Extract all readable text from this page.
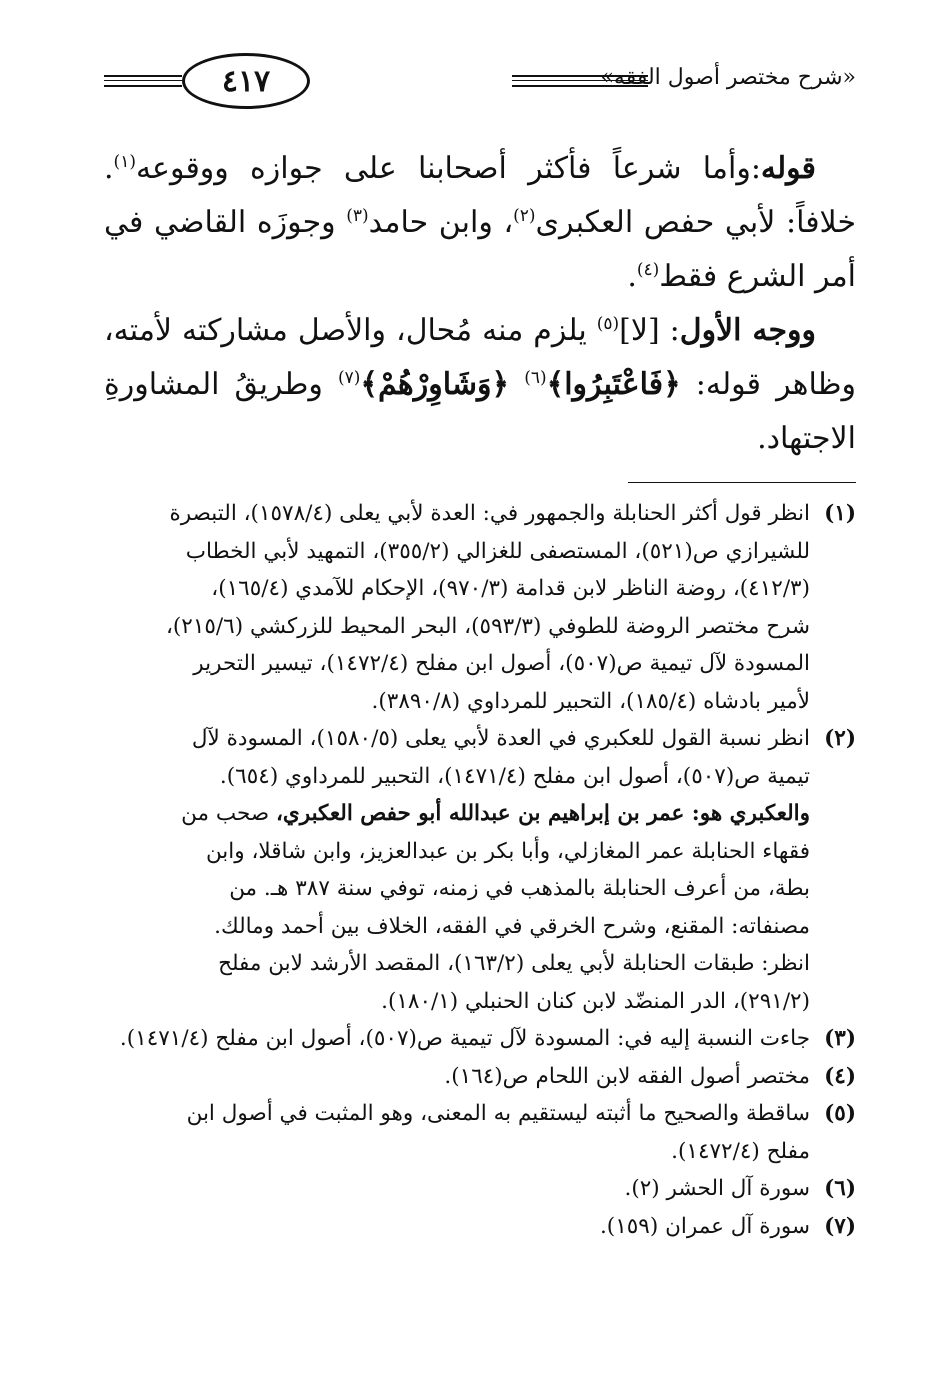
٤١٧	«شرح مختصر أصول الفقه»

قوله:وأما شرعاً فأكثر أصحابنا على جوازه ووقوعه$^{(١)}$. خلافاً: لأبي حفص العكبرى$^{(٢)}$، وابن حامد$^{(٣)}$ وجوزَه القاضي في أمر الشرع فقط$^{(٤)}$.

ووجه الأول: [لا]$^{(٥)}$ يلزم منه مُحال، والأصل مشاركته لأمته، وظاهر قوله: ﴿فَاعْتَبِرُوا﴾$^{(٦)}$ ﴿وَشَاوِرْهُمْ﴾$^{(٧)}$ وطريقُ المشاورةِ الاجتهاد.

(١)
انظر قول أكثر الحنابلة والجمهور في: العدة لأبي يعلى (١٥٧٨/٤)، التبصرة
للشيرازي ص(٥٢١)، المستصفى للغزالي (٣٥٥/٢)، التمهيد لأبي الخطاب
(٤١٢/٣)، روضة الناظر لابن قدامة (٩٧٠/٣)، الإحكام للآمدي (١٦٥/٤)،
شرح مختصر الروضة للطوفي (٥٩٣/٣)، البحر المحيط للزركشي (٢١٥/٦)،
المسودة لآل تيمية ص(٥٠٧)، أصول ابن مفلح (١٤٧٢/٤)، تيسير التحرير
لأمير بادشاه (١٨٥/٤)، التحبير للمرداوي (٣٨٩٠/٨).
(٢)
انظر نسبة القول للعكبري في العدة لأبي يعلى (١٥٨٠/٥)، المسودة لآل
تيمية ص(٥٠٧)، أصول ابن مفلح (١٤٧١/٤)، التحبير للمرداوي (٦٥٤).
والعكبري هو: عمر بن إبراهيم بن عبدالله أبو حفص العكبري، صحب من
فقهاء الحنابلة عمر المغازلي، وأبا بكر بن عبدالعزيز، وابن شاقلا، وابن
بطة، من أعرف الحنابلة بالمذهب في زمنه، توفي سنة ٣٨٧ هـ. من
مصنفاته: المقنع، وشرح الخرقي في الفقه، الخلاف بين أحمد ومالك.
انظر: طبقات الحنابلة لأبي يعلى (١٦٣/٢)، المقصد الأرشد لابن مفلح
(٢٩١/٢)، الدر المنضّد لابن كنان الحنبلي (١٨٠/١).
(٣)
جاءت النسبة إليه في: المسودة لآل تيمية ص(٥٠٧)، أصول ابن مفلح (١٤٧١/٤).
(٤)
مختصر أصول الفقه لابن اللحام ص(١٦٤).
(٥)
ساقطة والصحيح ما أثبته ليستقيم به المعنى، وهو المثبت في أصول ابن
مفلح (١٤٧٢/٤).
(٦)
سورة آل الحشر (٢).
(٧)
سورة آل عمران (١٥٩).
